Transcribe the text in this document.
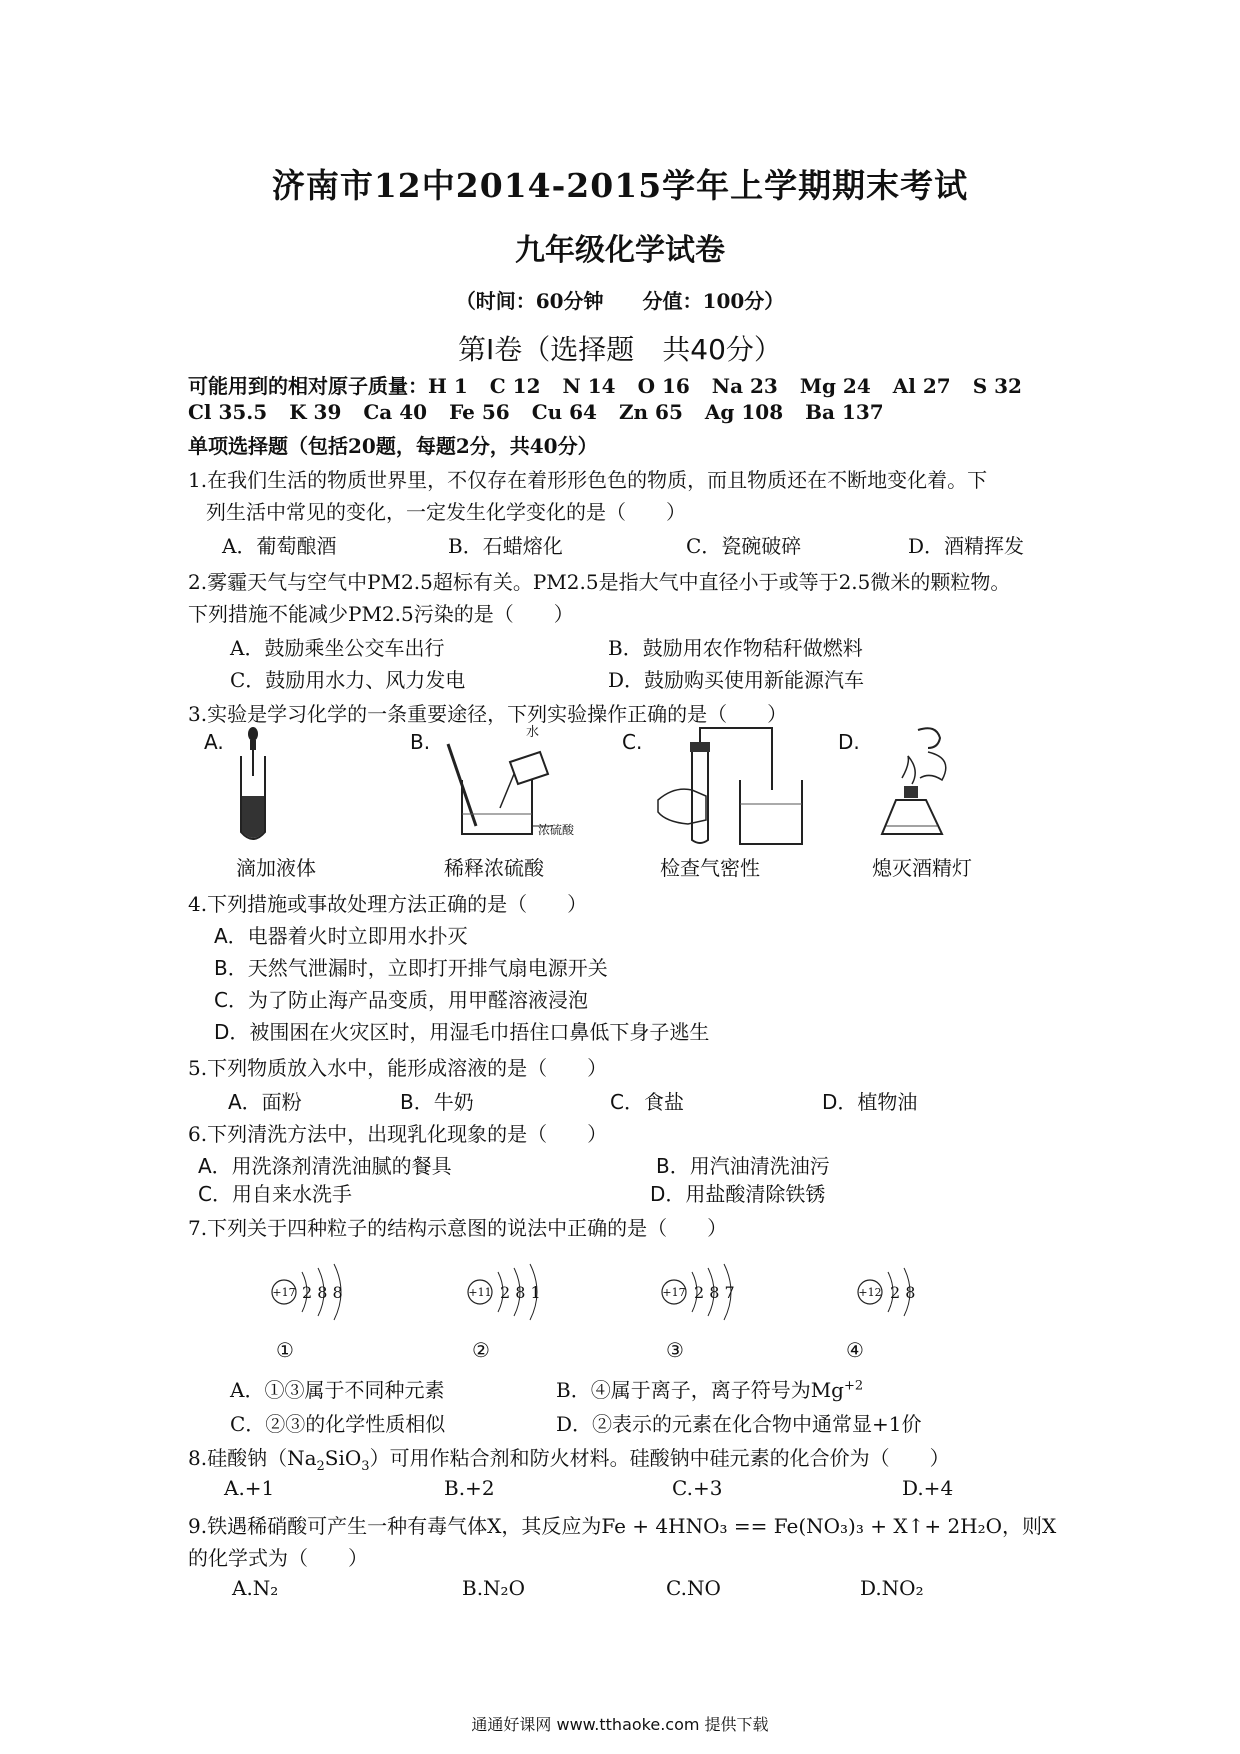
济南市12中2014-2015学年上学期期末考试
九年级化学试卷
（时间：60分钟 分值：100分）
第Ⅰ卷（选择题　共40分）
可能用到的相对原子质量：H 1 C 12 N 14 O 16 Na 23 Mg 24 Al 27 S 32
Cl 35.5 K 39 Ca 40 Fe 56 Cu 64 Zn 65 Ag 108 Ba 137
单项选择题（包括20题，每题2分，共40分）
1.在我们生活的物质世界里，不仅存在着形形色色的物质，而且物质还在不断地变化着。下
列生活中常见的变化，一定发生化学变化的是（　　）
A．葡萄酿酒	B．石蜡熔化	C．瓷碗破碎	D．酒精挥发
2.雾霾天气与空气中PM2.5超标有关。PM2.5是指大气中直径小于或等于2.5微米的颗粒物。
下列措施不能减少PM2.5污染的是（　　）
A．鼓励乘坐公交车出行	B．鼓励用农作物秸秆做燃料
C．鼓励用水力、风力发电	D．鼓励购买使用新能源汽车
3.实验是学习化学的一条重要途径，下列实验操作正确的是（　　）
A.	B.	C.	D.
水
浓硫酸
滴加液体	稀释浓硫酸	检查气密性	熄灭酒精灯
4.下列措施或事故处理方法正确的是（　　）
A．电器着火时立即用水扑灭
B．天然气泄漏时，立即打开排气扇电源开关
C．为了防止海产品变质，用甲醛溶液浸泡
D．被围困在火灾区时，用湿毛巾捂住口鼻低下身子逃生
5.下列物质放入水中，能形成溶液的是（　　）
A．面粉	B．牛奶	C．食盐	D．植物油
6.下列清洗方法中，出现乳化现象的是（　　）
A．用洗涤剂清洗油腻的餐具	B．用汽油清洗油污
C．用自来水洗手	D．用盐酸清除铁锈
7.下列关于四种粒子的结构示意图的说法中正确的是（　　）
+17 2 8 8	+11 2 8 1	+17 2 8 7	+12 2 8
①	②	③	④
A．①③属于不同种元素	B．④属于离子，离子符号为$Mg^{+2}$
C．②③的化学性质相似	D．②表示的元素在化合物中通常显+1价
8.硅酸钠$(Na_2SiO_3)$可用作粘合剂和防火材料。硅酸钠中硅元素的化合价为（　　）
A.+1	B.+2	C.+3	D.+4
9.铁遇稀硝酸可产生一种有毒气体X，其反应为Fe + 4HNO₃ == Fe(NO₃)₃ + X↑+ 2H₂O，则X
的化学式为（　　）
A.N₂	B.N₂O	C.NO	D.NO₂
通通好课网 www.tthaoke.com 提供下载
